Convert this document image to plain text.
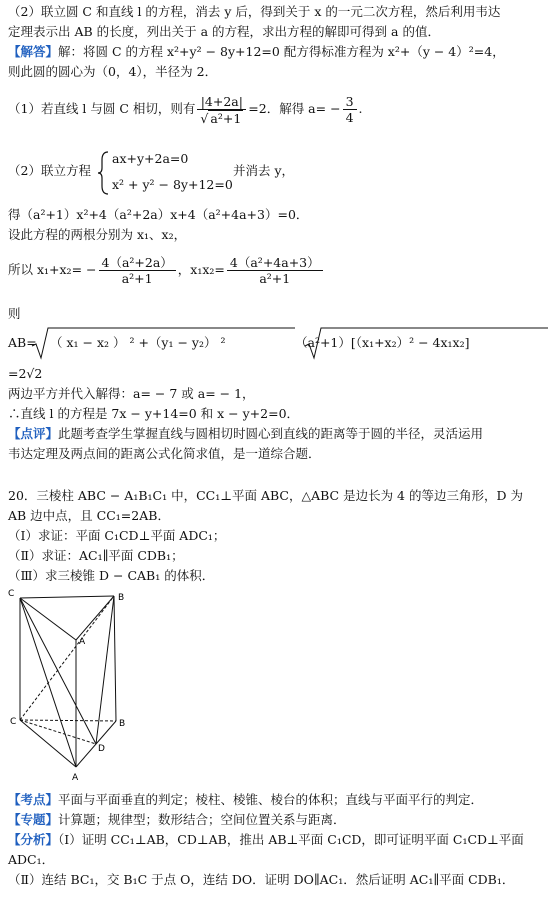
（2）联立圆 C 和直线 l 的方程，消去 y 后，得到关于 x 的一元二次方程，然后利用韦达
定理表示出 AB 的长度，列出关于 a 的方程，求出方程的解即可得到 a 的值．
【解答】解：将圆 C 的方程 x²+y² − 8y+12=0 配方得标准方程为 x²+（y − 4）²=4，
则此圆的圆心为（0，4），半径为 2．
（1）若直线 l 与圆 C 相切，则有 $\frac{|4+2a|}{\text{√ a²+1}} =2$．解得 $a= - \frac{3}{4}$ .
（2）联立方程
ax+y+2a=0
x² + y² − 8y+12=0
并消去 y，
得（a²+1）x²+4（a²+2a）x+4（a²+4a+3）=0．
设此方程的两根分别为 x₁、x₂，
所以 $x_1+x_2= - \frac{\text{4（a²+2a）}}{\text{a²+1}}$ ，$x_1x_2= \frac{\text{4（a²+4a+3）}}{\text{a²+1}}$
则
AB= （ x₁ − x₂ ） ² +（y₁ − y₂） ²	（a²+1）[（x₁+x₂）² − 4x₁x₂]
=2√2
两边平方并代入解得：a= − 7 或 a= − 1，
∴直线 l 的方程是 7x − y+14=0 和 x − y+2=0．
【点评】此题考查学生掌握直线与圆相切时圆心到直线的距离等于圆的半径，灵活运用
韦达定理及两点间的距离公式化简求值，是一道综合题．
20．三棱柱 ABC − A₁B₁C₁ 中，CC₁⊥平面 ABC，△ABC 是边长为 4 的等边三角形，D 为
AB 边中点，且 CC₁=2AB．
（Ⅰ）求证：平面 C₁CD⊥平面 ADC₁；
（Ⅱ）求证：AC₁∥平面 CDB₁；
（Ⅲ）求三棱锥 D − CAB₁ 的体积．
C	B
A
C	B
D
A
【考点】平面与平面垂直的判定；棱柱、棱锥、棱台的体积；直线与平面平行的判定．
【专题】计算题；规律型；数形结合；空间位置关系与距离．
【分析】（Ⅰ）证明 CC₁⊥AB，CD⊥AB，推出 AB⊥平面 C₁CD，即可证明平面 C₁CD⊥平面
ADC₁．
（Ⅱ）连结 BC₁，交 B₁C 于点 O，连结 DO．证明 DO∥AC₁．然后证明 AC₁∥平面 CDB₁．
